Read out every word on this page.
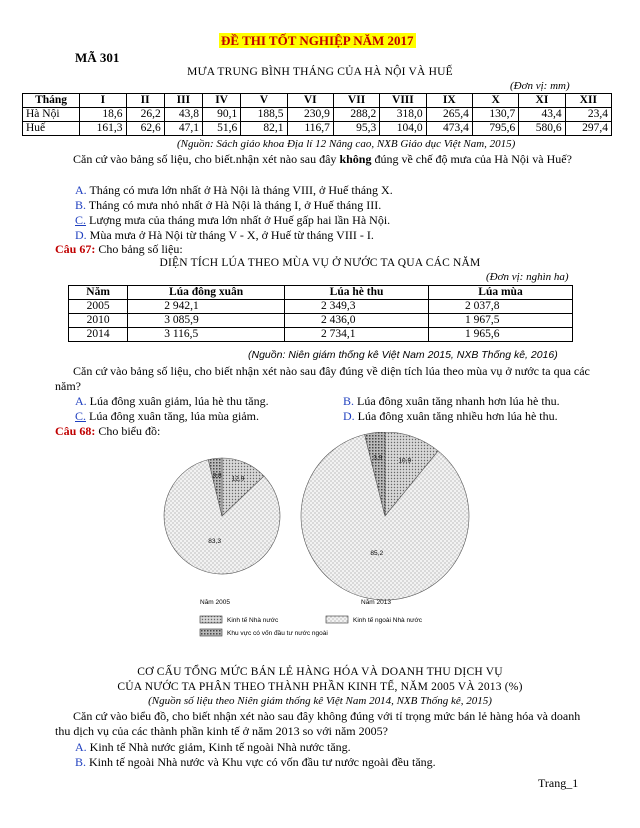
ĐỀ THI TỐT NGHIỆP NĂM 2017
MÃ 301
MƯA TRUNG BÌNH THÁNG CỦA HÀ NỘI VÀ HUẾ
(Đơn vị: mm)
Tháng	I	II	III	IV	V	VI	VII	VIII	IX	X	XI	XII
Hà Nội	18,6	26,2	43,8	90,1	188,5	230,9	288,2	318,0	265,4	130,7	43,4	23,4
Huế	161,3	62,6	47,1	51,6	82,1	116,7	95,3	104,0	473,4	795,6	580,6	297,4
(Nguồn: Sách giáo khoa Địa lí 12 Nâng cao, NXB Giáo dục Việt Nam, 2015)
Căn cứ vào bảng số liệu, cho biết.nhận xét nào sau đây không đúng về chế độ mưa của Hà Nội và Huế?
A. Tháng có mưa lớn nhất ở Hà Nội là tháng VIII, ở Huế tháng X.
B. Tháng có mưa nhỏ nhất ở Hà Nội là tháng I, ở Huế tháng III.
C. Lượng mưa của tháng mưa lớn nhất ở Huế gấp hai lần Hà Nội.
D. Mùa mưa ở Hà Nội từ tháng V - X, ở Huế từ tháng VIII - I.
Câu 67: Cho bảng số liệu:
DIỆN TÍCH LÚA THEO MÙA VỤ Ở NƯỚC TA QUA CÁC NĂM
(Đơn vị: nghìn ha)
Năm	Lúa đông xuân	Lúa hè thu	Lúa mùa
2005	2 942,1	2 349,3	2 037,8
2010	3 085,9	2 436,0	1 967,5
2014	3 116,5	2 734,1	1 965,6
(Nguồn: Niên giám thống kê Việt Nam 2015, NXB Thống kê, 2016)
Căn cứ vào bảng số liệu, cho biết nhận xét nào sau đây đúng về diện tích lúa theo mùa vụ ở nước ta qua các năm?
A. Lúa đông xuân giảm, lúa hè thu tăng.	B. Lúa đông xuân tăng nhanh hơn lúa hè thu.
C. Lúa đông xuân tăng, lúa mùa giảm.	D. Lúa đông xuân tăng nhiều hơn lúa hè thu.
Câu 68: Cho biểu đồ:
12,9
83,3
3,8
Năm 2005
10,9
85,2
3,9
Năm 2013
Kinh tế Nhà nước	Kinh tế ngoài Nhà nước
Khu vực có vốn đầu tư nước ngoài
CƠ CẤU TỔNG MỨC BÁN LẺ HÀNG HÓA VÀ DOANH THU DỊCH VỤ
CỦA NƯỚC TA PHÂN THEO THÀNH PHẦN KINH TẾ, NĂM 2005 VÀ 2013 (%)
(Nguồn số liệu theo Niên giám thống kê Việt Nam 2014, NXB Thống kê, 2015)
Căn cứ vào biểu đồ, cho biết nhận xét nào sau đây không đúng với tỉ trọng mức bán lẻ hàng hóa và doanh thu dịch vụ của các thành phần kinh tế ở năm 2013 so với năm 2005?
A. Kinh tế Nhà nước giảm, Kinh tế ngoài Nhà nước tăng.
B. Kinh tế ngoài Nhà nước và Khu vực có vốn đầu tư nước ngoài đều tăng.
Trang_1
